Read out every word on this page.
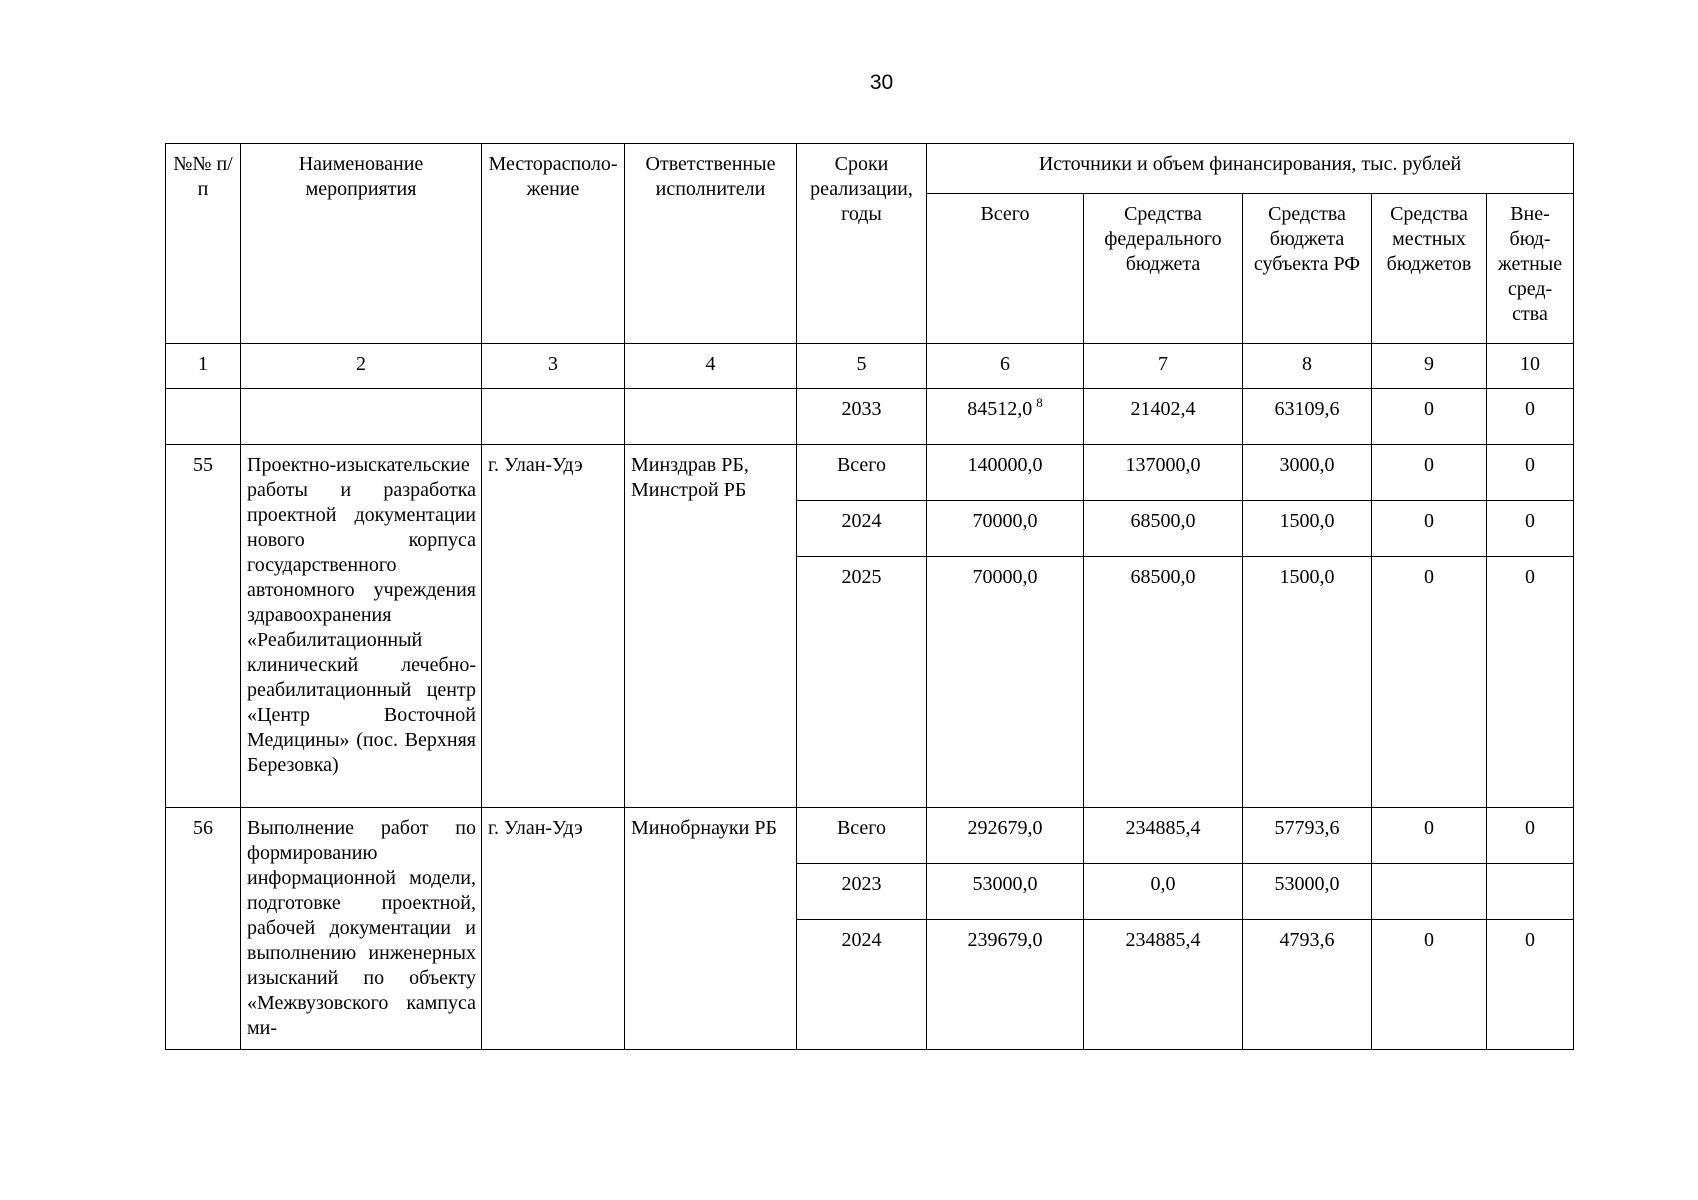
30
№№ п/п	Наименование мероприятия	Месторасполо-жение	Ответственные исполнители	Сроки реализации, годы	Источники и объем финансирования, тыс. рублей				
					Всего	Средства федерального бюджета	Средства бюджета субъекта РФ	Средства местных бюджетов	Вне-бюд-жетные сред-ства
1	2	3	4	5	6	7	8	9	10
				2033	84512,0 $^8$	21402,4	63109,6	0	0
55	Проектно-изыскательские работы и разработка проектной документации нового корпуса государственного автономного учреждения здравоохранения «Реабилитационный клинический лечебно-реабилитационный центр «Центр Восточной Медицины» (пос. Верхняя Березовка)	г. Улан-Удэ	Минздрав РБ, Минстрой РБ	Всего	140000,0	137000,0	3000,0	0	0
				2024	70000,0	68500,0	1500,0	0	0
				2025	70000,0	68500,0	1500,0	0	0
56	Выполнение работ по формированию информационной модели, подготовке проектной, рабочей документации и выполнению инженерных изысканий по объекту «Межвузовского кампуса ми-	г. Улан-Удэ	Минобрнауки РБ	Всего	292679,0	234885,4	57793,6	0	0
				2023	53000,0	0,0	53000,0		
				2024	239679,0	234885,4	4793,6	0	0
